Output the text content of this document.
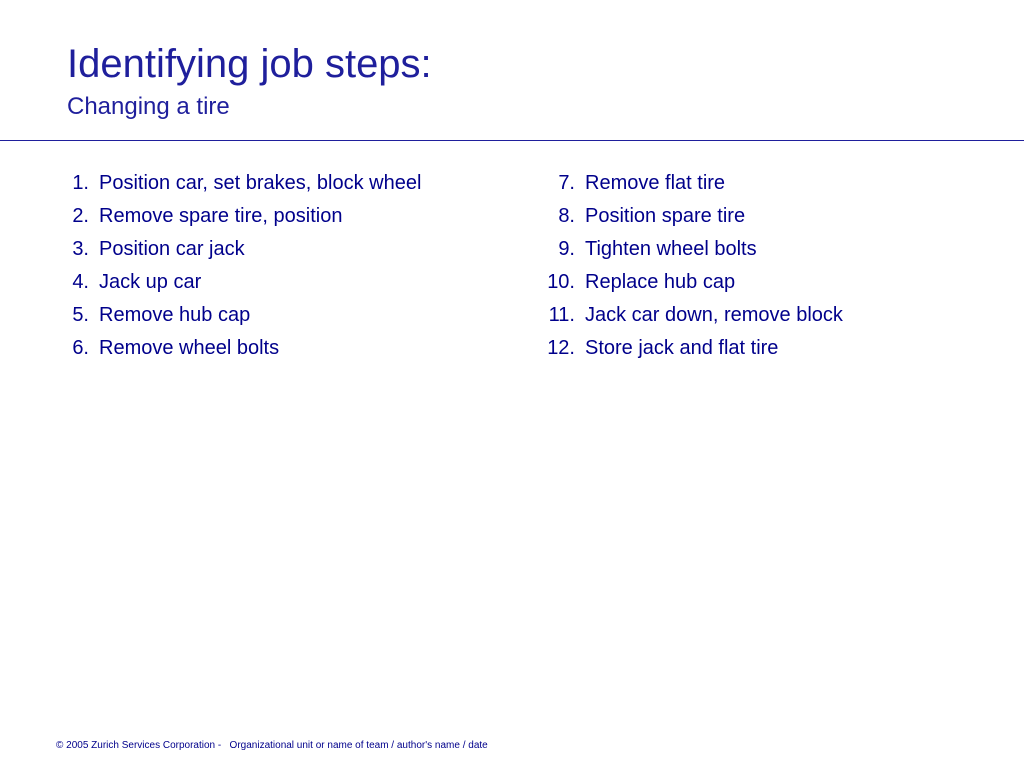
Identifying job steps:
Changing a tire
1. Position car, set brakes, block wheel
2. Remove spare tire, position
3. Position car jack
4. Jack up car
5. Remove hub cap
6. Remove wheel bolts
7. Remove flat tire
8. Position spare tire
9. Tighten wheel bolts
10. Replace hub cap
11. Jack car down, remove block
12. Store jack and flat tire
© 2005 Zurich Services Corporation -   Organizational unit or name of team / author's name / date
